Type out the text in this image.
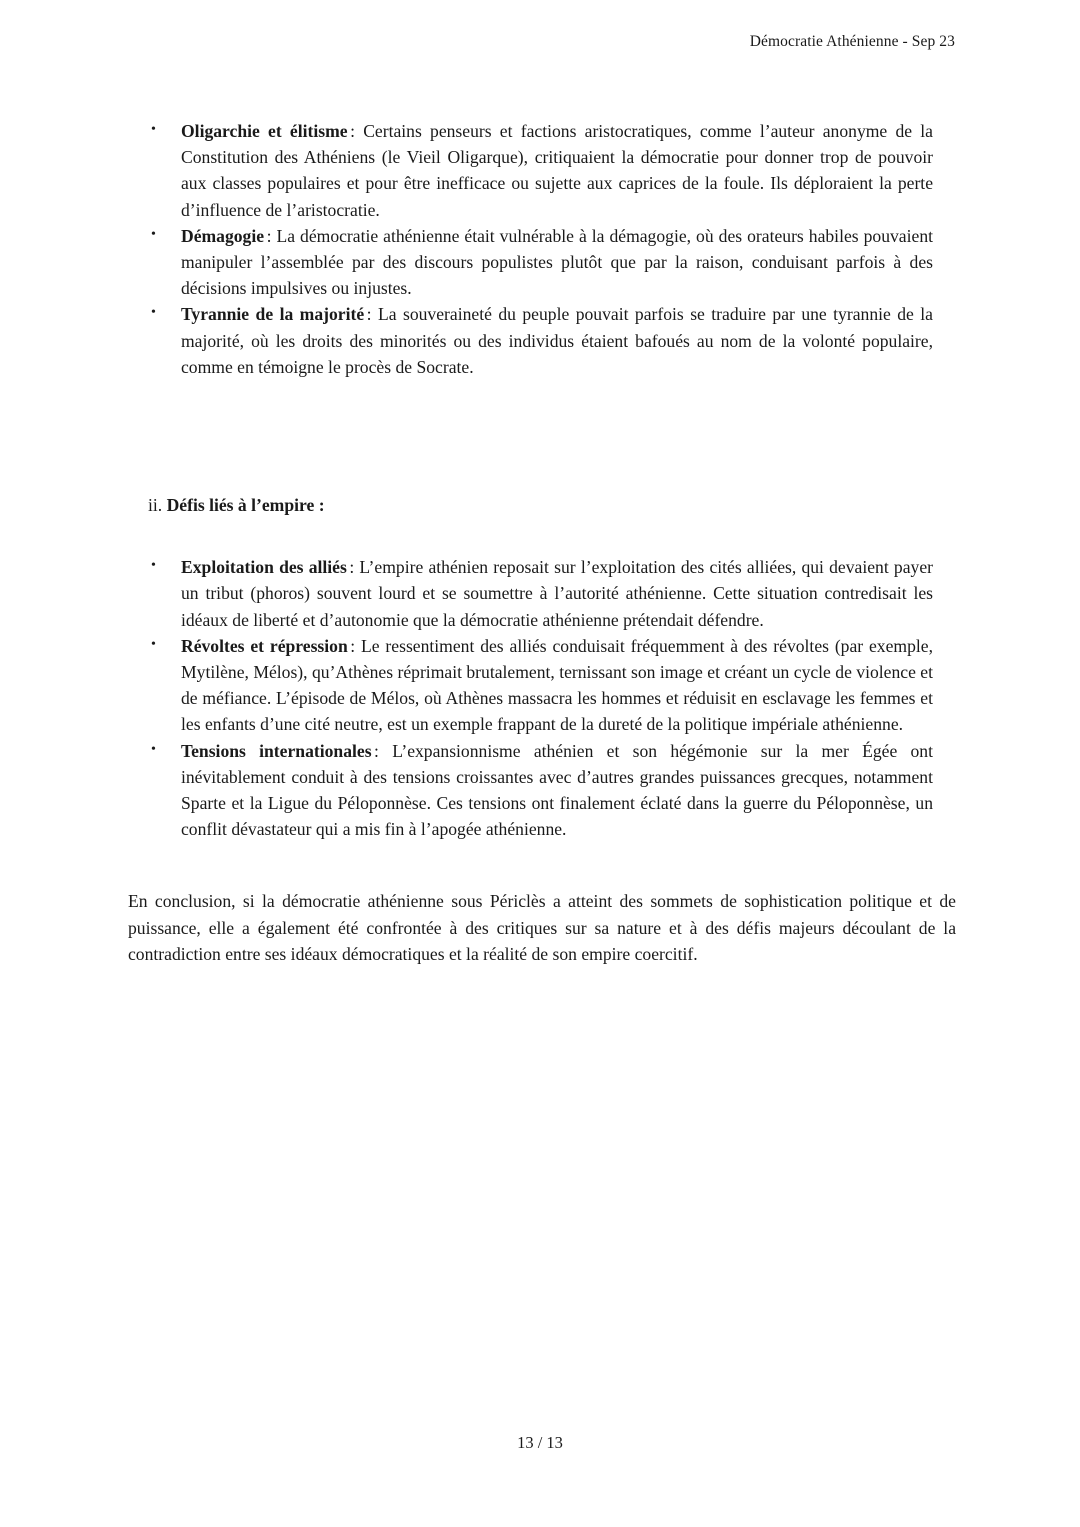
Démocratie Athénienne - Sep 23
• Oligarchie et élitisme : Certains penseurs et factions aristocratiques, comme l’auteur anonyme de la Constitution des Athéniens (le Vieil Oligarque), critiquaient la démocratie pour donner trop de pouvoir aux classes populaires et pour être inefficace ou sujette aux caprices de la foule. Ils déploraient la perte d’influence de l’aristocratie.
• Démagogie : La démocratie athénienne était vulnérable à la démagogie, où des orateurs habiles pouvaient manipuler l’assemblée par des discours populistes plutôt que par la raison, conduisant parfois à des décisions impulsives ou injustes.
• Tyrannie de la majorité : La souveraineté du peuple pouvait parfois se traduire par une tyrannie de la majorité, où les droits des minorités ou des individus étaient bafoués au nom de la volonté populaire, comme en témoigne le procès de Socrate.

ii. Défis liés à l’empire :

• Exploitation des alliés : L’empire athénien reposait sur l’exploitation des cités alliées, qui devaient payer un tribut (phoros) souvent lourd et se soumettre à l’autorité athénienne. Cette situation contredisait les idéaux de liberté et d’autonomie que la démocratie athénienne prétendait défendre.
• Révoltes et répression : Le ressentiment des alliés conduisait fréquemment à des révoltes (par exemple, Mytilène, Mélos), qu’Athènes réprimait brutalement, ternissant son image et créant un cycle de violence et de méfiance. L’épisode de Mélos, où Athènes massacra les hommes et réduisit en esclavage les femmes et les enfants d’une cité neutre, est un exemple frappant de la dureté de la politique impériale athénienne.
• Tensions internationales : L’expansionnisme athénien et son hégémonie sur la mer Égée ont inévitablement conduit à des tensions croissantes avec d’autres grandes puissances grecques, notamment Sparte et la Ligue du Péloponnèse. Ces tensions ont finalement éclaté dans la guerre du Péloponnèse, un conflit dévastateur qui a mis fin à l’apogée athénienne.

En conclusion, si la démocratie athénienne sous Périclès a atteint des sommets de sophistication politique et de puissance, elle a également été confrontée à des critiques sur sa nature et à des défis majeurs découlant de la contradiction entre ses idéaux démocratiques et la réalité de son empire coercitif.

13 / 13
